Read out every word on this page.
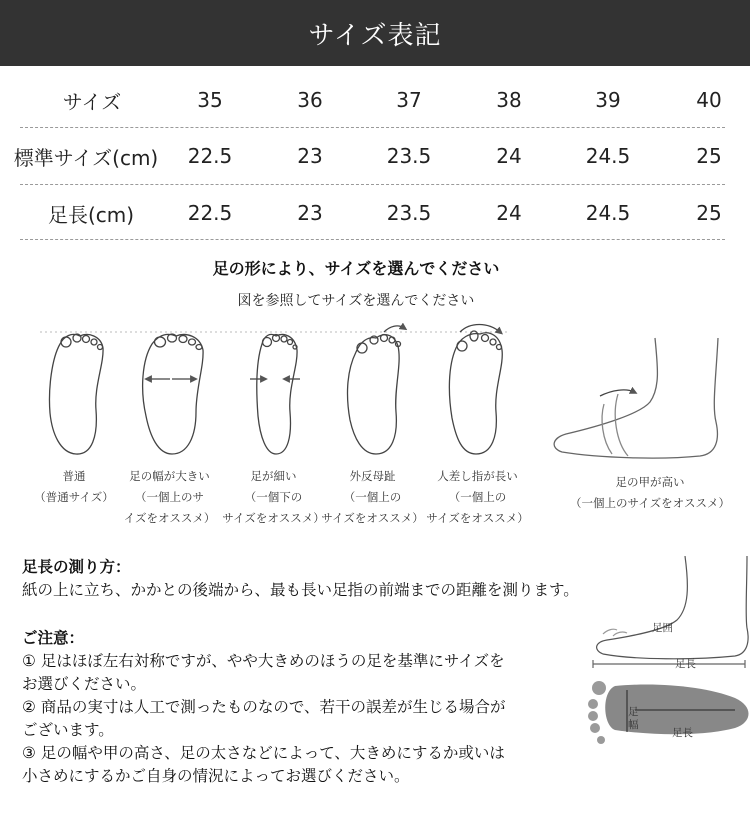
サイズ表記
サイズ	35	36	37	38	39	40
標準サイズ(cm)	22.5	23	23.5	24	24.5	25
足長(cm)	22.5	23	23.5	24	24.5	25
足の形により、サイズを選んでください
図を参照してサイズを選んでください
普通
（普通サイズ）
足の幅が大きい
（一個上のサ
イズをオススメ）
足が細い
（一個下の
サイズをオススメ）
外反母趾
（一個上の
サイズをオススメ）
人差し指が長い
（一個上の
サイズをオススメ）
足の甲が高い
（一個上のサイズをオススメ）
足長の測り方：
紙の上に立ち、かかとの後端から、最も長い足指の前端までの距離を測ります。
ご注意：
① 足はほぼ左右対称ですが、やや大きめのほうの足を基準にサイズを
お選びください。
② 商品の実寸は人工で測ったものなので、若干の誤差が生じる場合が
ございます。
③ 足の幅や甲の高さ、足の太さなどによって、大きめにするか或いは
小さめにするかご自身の情況によってお選びください。
足囲
足長
足幅
足長
